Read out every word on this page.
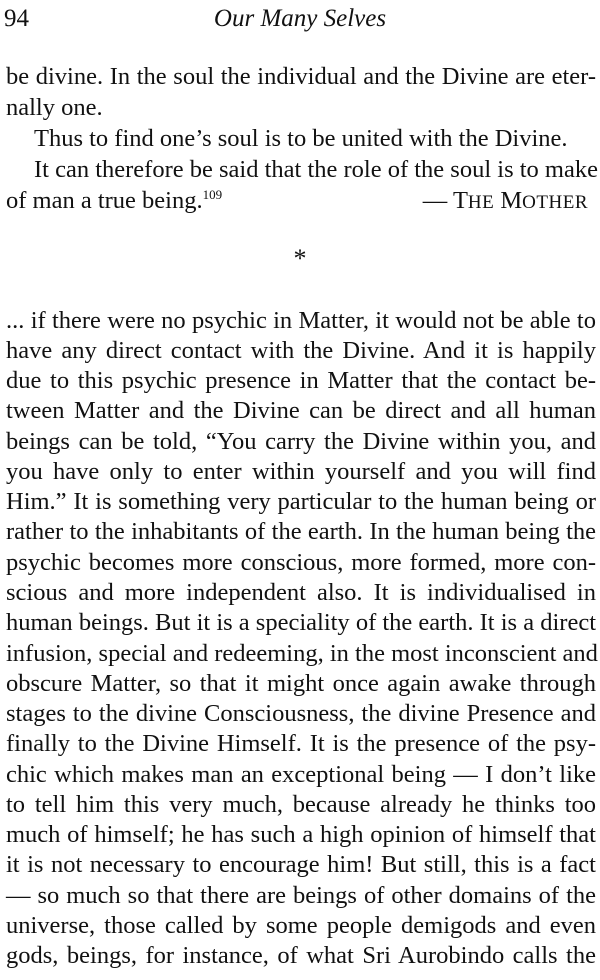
94	Our Many Selves
be divine. In the soul the individual and the Divine are eter-
nally one.
Thus to find one’s soul is to be united with the Divine.
It can therefore be said that the role of the soul is to make
of man a true being.$^{109}$	— THE MOTHER
*
... if there were no psychic in Matter, it would not be able to
have any direct contact with the Divine. And it is happily
due to this psychic presence in Matter that the contact be-
tween Matter and the Divine can be direct and all human
beings can be told, “You carry the Divine within you, and
you have only to enter within yourself and you will find
Him.” It is something very particular to the human being or
rather to the inhabitants of the earth. In the human being the
psychic becomes more conscious, more formed, more con-
scious and more independent also. It is individualised in
human beings. But it is a speciality of the earth. It is a direct
infusion, special and redeeming, in the most inconscient and
obscure Matter, so that it might once again awake through
stages to the divine Consciousness, the divine Presence and
finally to the Divine Himself. It is the presence of the psy-
chic which makes man an exceptional being — I don’t like
to tell him this very much, because already he thinks too
much of himself; he has such a high opinion of himself that
it is not necessary to encourage him! But still, this is a fact
— so much so that there are beings of other domains of the
universe, those called by some people demigods and even
gods, beings, for instance, of what Sri Aurobindo calls the
